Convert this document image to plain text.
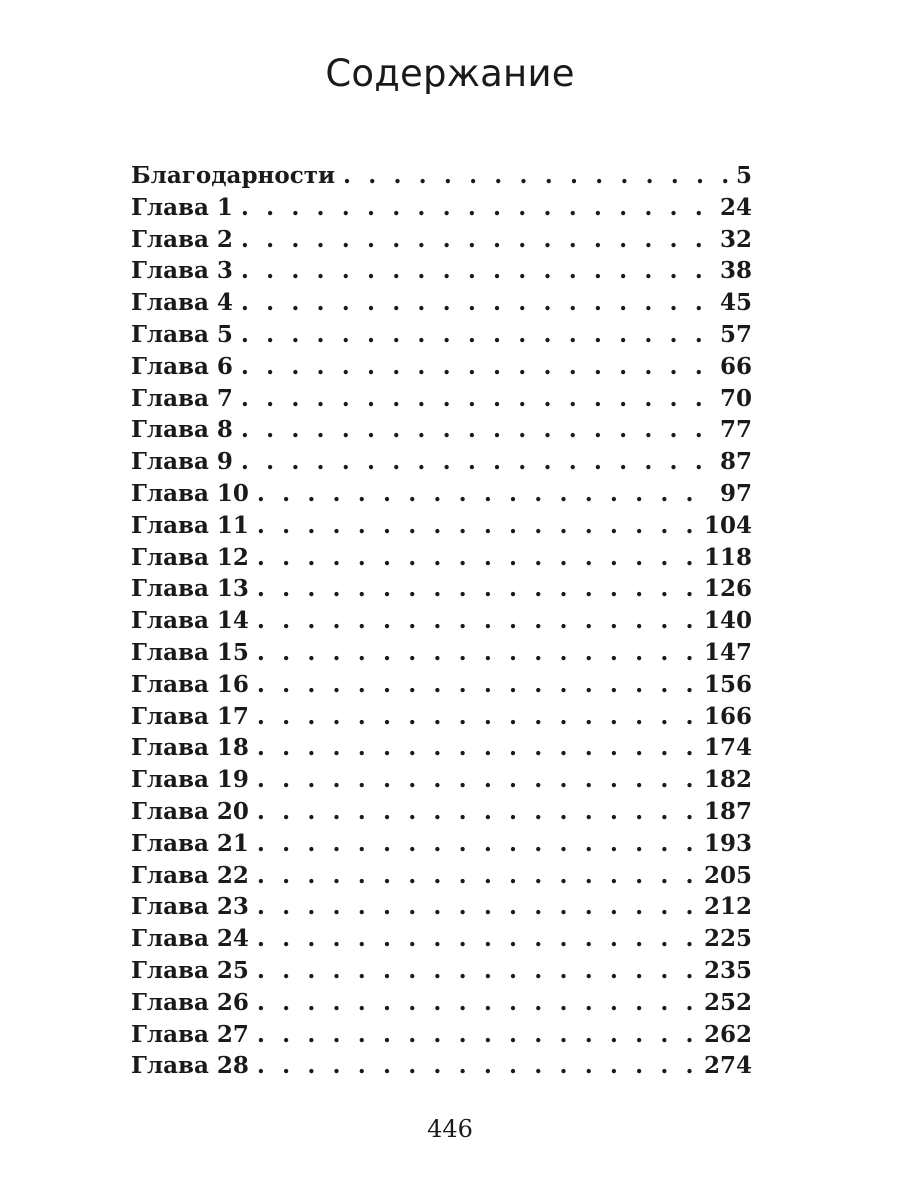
Содержание
Благодарности . . .	5
Глава 1 . . .	24
Глава 2 . . .	32
Глава 3 . . .	38
Глава 4 . . .	45
Глава 5 . . .	57
Глава 6 . . .	66
Глава 7 . . .	70
Глава 8 . . .	77
Глава 9 . . .	87
Глава 10 . . .	97
Глава 11 . . .	104
Глава 12 . . .	118
Глава 13 . . .	126
Глава 14 . . .	140
Глава 15 . . .	147
Глава 16 . . .	156
Глава 17 . . .	166
Глава 18 . . .	174
Глава 19 . . .	182
Глава 20 . . .	187
Глава 21 . . .	193
Глава 22 . . .	205
Глава 23 . . .	212
Глава 24 . . .	225
Глава 25 . . .	235
Глава 26 . . .	252
Глава 27 . . .	262
Глава 28 . . .	274
446
